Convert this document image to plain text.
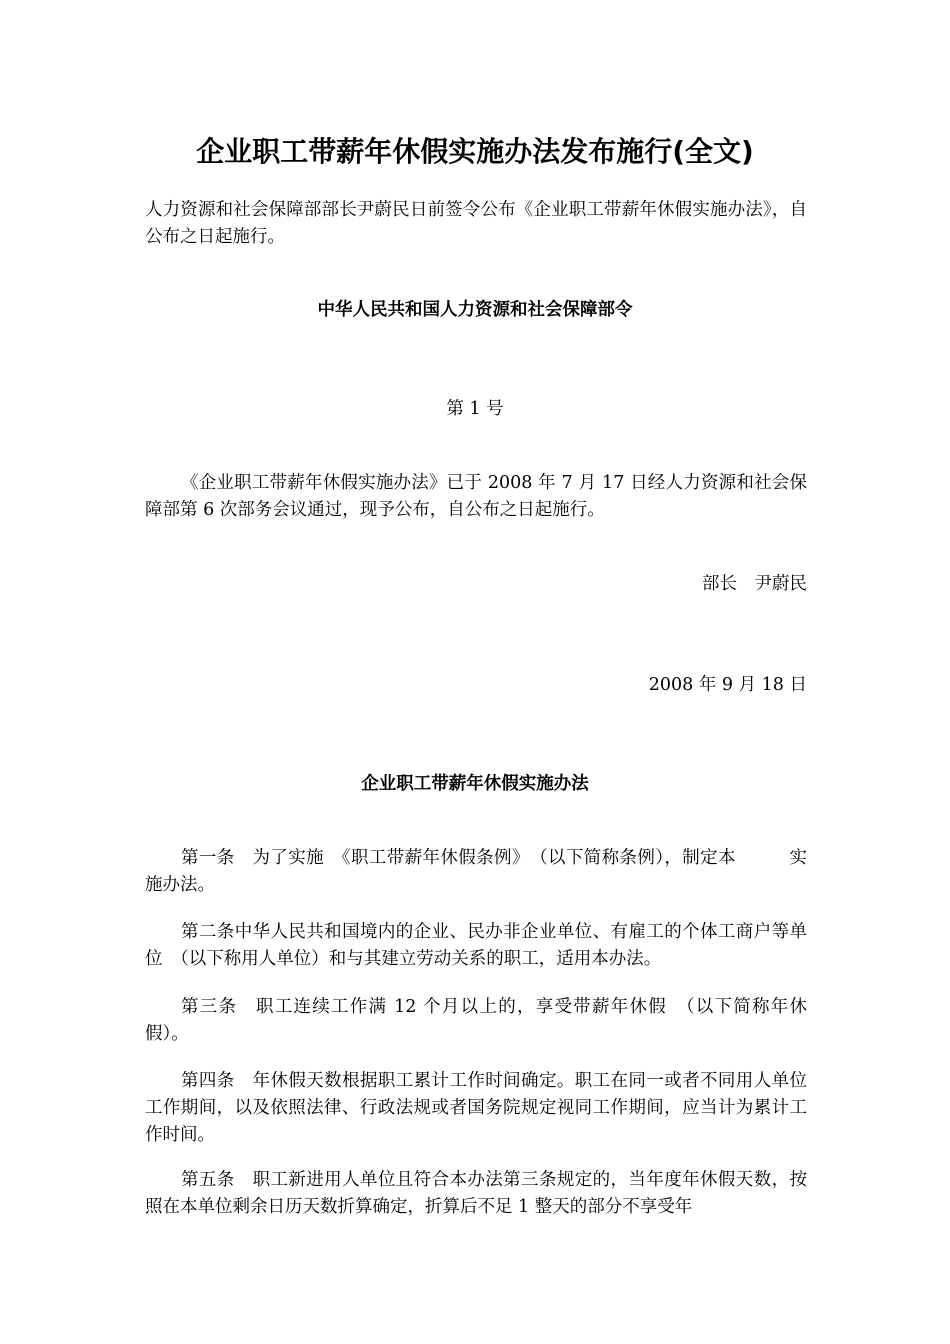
企业职工带薪年休假实施办法发布施行(全文)
人力资源和社会保障部部长尹蔚民日前签令公布《企业职工带薪年休假实施办法》，自公布之日起施行。
中华人民共和国人力资源和社会保障部令
第 1 号
《企业职工带薪年休假实施办法》已于 2008 年 7 月 17 日经人力资源和社会保障部第 6 次部务会议通过，现予公布，自公布之日起施行。
部长　尹蔚民
2008 年 9 月 18 日
企业职工带薪年休假实施办法
第一条　为了实施　《职工带薪年休假条例》　（以下简称条例），制定本　　　实施办法。
第二条中华人民共和国境内的企业、民办非企业单位、有雇工的个体工商户等单位　（以下称用人单位）和与其建立劳动关系的职工，适用本办法。
第三条　职工连续工作满 12 个月以上的，享受带薪年休假　（以下简称年休假）。
第四条　年休假天数根据职工累计工作时间确定。职工在同一或者不同用人单位工作期间，以及依照法律、行政法规或者国务院规定视同工作期间，应当计为累计工作时间。
第五条　职工新进用人单位且符合本办法第三条规定的，当年度年休假天数，按照在本单位剩余日历天数折算确定，折算后不足 1 整天的部分不享受年
